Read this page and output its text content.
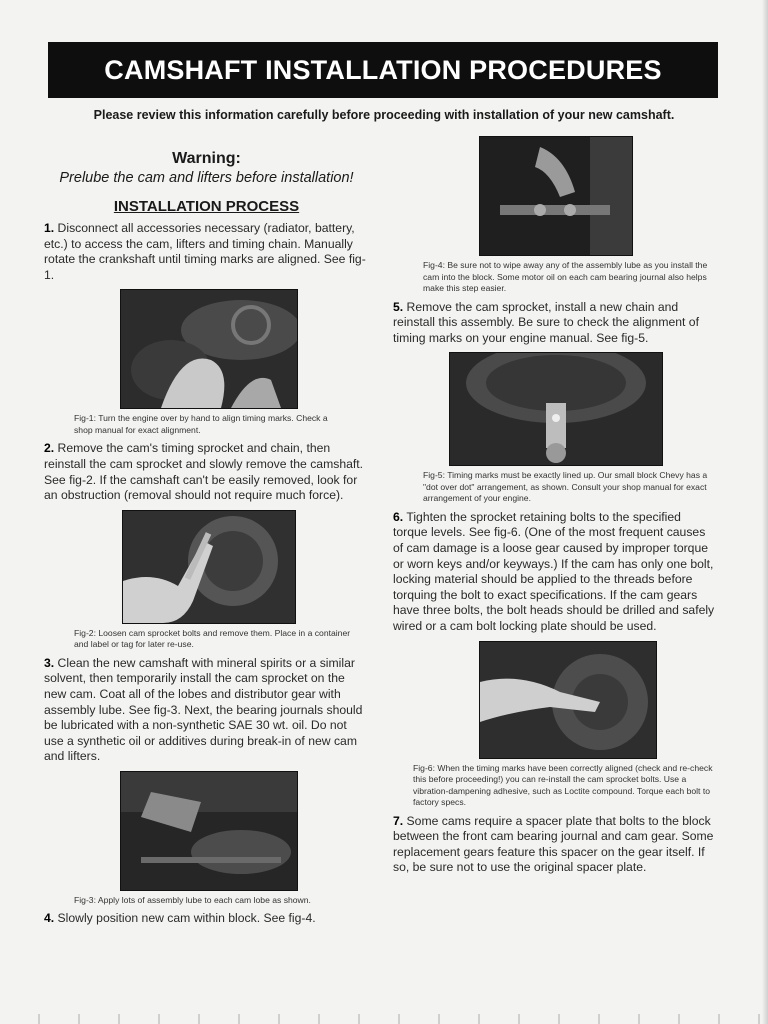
CAMSHAFT INSTALLATION PROCEDURES
Please review this information carefully before proceeding with installation of your new camshaft.

Warning:

Prelube the cam and lifters before installation!

INSTALLATION PROCESS

1. Disconnect all accessories necessary (radiator, battery, etc.) to access the cam, lifters and timing chain. Manually rotate the crankshaft until timing marks are aligned. See fig-1.

Fig-1: Turn the engine over by hand to align timing marks. Check a shop manual for exact alignment.

2. Remove the cam's timing sprocket and chain, then reinstall the cam sprocket and slowly remove the camshaft. See fig-2. If the camshaft can't be easily removed, look for an obstruction (removal should not require much force).

Fig-2: Loosen cam sprocket bolts and remove them. Place in a container and label or tag for later re-use.

3. Clean the new camshaft with mineral spirits or a similar solvent, then temporarily install the cam sprocket on the new cam. Coat all of the lobes and distributor gear with assembly lube. See fig-3. Next, the bearing journals should be lubricated with a non-synthetic SAE 30 wt. oil. Do not use a synthetic oil or additives during break-in of new cam and lifters.

Fig-3: Apply lots of assembly lube to each cam lobe as shown.

4. Slowly position new cam within block. See fig-4.

Fig-4: Be sure not to wipe away any of the assembly lube as you install the cam into the block. Some motor oil on each cam bearing journal also helps make this step easier.

5. Remove the cam sprocket, install a new chain and reinstall this assembly. Be sure to check the alignment of timing marks on your engine manual. See fig-5.

Fig-5: Timing marks must be exactly lined up. Our small block Chevy has a "dot over dot" arrangement, as shown. Consult your shop manual for exact arrangement of your engine.

6. Tighten the sprocket retaining bolts to the specified torque levels. See fig-6. (One of the most frequent causes of cam damage is a loose gear caused by improper torque or worn keys and/or keyways.) If the cam has only one bolt, locking material should be applied to the threads before torquing the bolt to exact specifications. If the cam gears have three bolts, the bolt heads should be drilled and safely wired or a cam bolt locking plate should be used.

Fig-6: When the timing marks have been correctly aligned (check and re-check this before proceeding!) you can re-install the cam sprocket bolts. Use a vibration-dampening adhesive, such as Loctite compound. Torque each bolt to factory specs.

7. Some cams require a spacer plate that bolts to the block between the front cam bearing journal and cam gear. Some replacement gears feature this spacer on the gear itself. If so, be sure not to use the original spacer plate.
